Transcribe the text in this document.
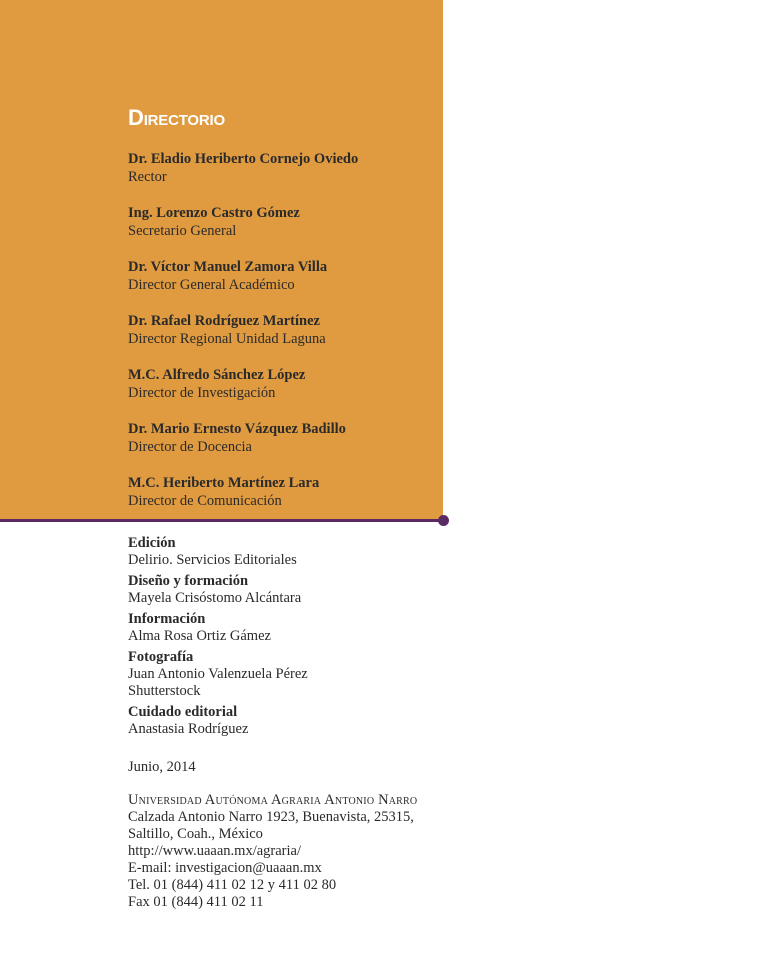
Directorio
Dr. Eladio Heriberto Cornejo Oviedo
Rector
Ing. Lorenzo Castro Gómez
Secretario General
Dr. Víctor Manuel Zamora Villa
Director General Académico
Dr. Rafael Rodríguez Martínez
Director Regional Unidad Laguna
M.C. Alfredo Sánchez López
Director de Investigación
Dr. Mario Ernesto Vázquez Badillo
Director de Docencia
M.C. Heriberto Martínez Lara
Director de Comunicación
Edición
Delirio. Servicios Editoriales
Diseño y formación
Mayela Crisóstomo Alcántara
Información
Alma Rosa Ortiz Gámez
Fotografía
Juan Antonio Valenzuela Pérez
Shutterstock
Cuidado editorial
Anastasia Rodríguez
Junio, 2014
Universidad Autónoma Agraria Antonio Narro
Calzada Antonio Narro 1923, Buenavista, 25315,
Saltillo, Coah., México
http://www.uaaan.mx/agraria/
E-mail: investigacion@uaaan.mx
Tel. 01 (844) 411 02 12 y 411 02 80
Fax 01 (844) 411 02 11
